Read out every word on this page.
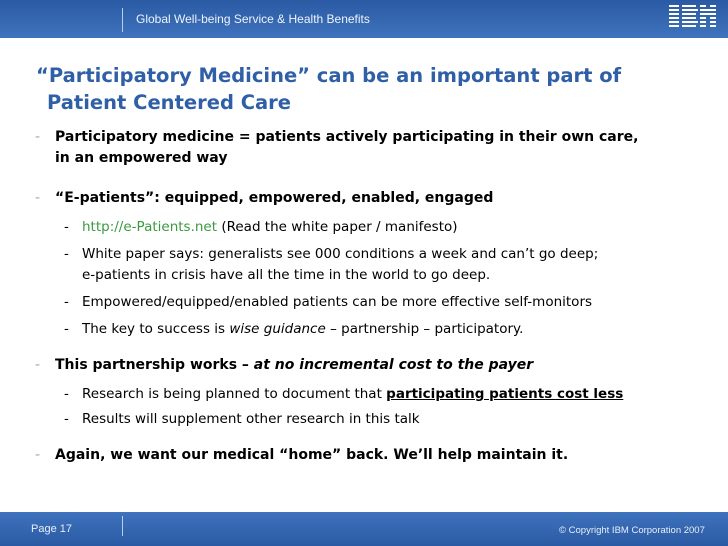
Global Well-being Service & Health Benefits
“Participatory Medicine” can be an important part of
Patient Centered Care
- Participatory medicine = patients actively participating in their own care,
in an empowered way
- “E-patients”: equipped, empowered, enabled, engaged
- http://e-Patients.net (Read the white paper / manifesto)
- White paper says: generalists see 000 conditions a week and can’t go deep;
e-patients in crisis have all the time in the world to go deep.
- Empowered/equipped/enabled patients can be more effective self-monitors
- The key to success is wise guidance – partnership – participatory.
- This partnership works – at no incremental cost to the payer
- Research is being planned to document that participating patients cost less
- Results will supplement other research in this talk
- Again, we want our medical “home” back. We’ll help maintain it.
Page 17	© Copyright IBM Corporation 2007
